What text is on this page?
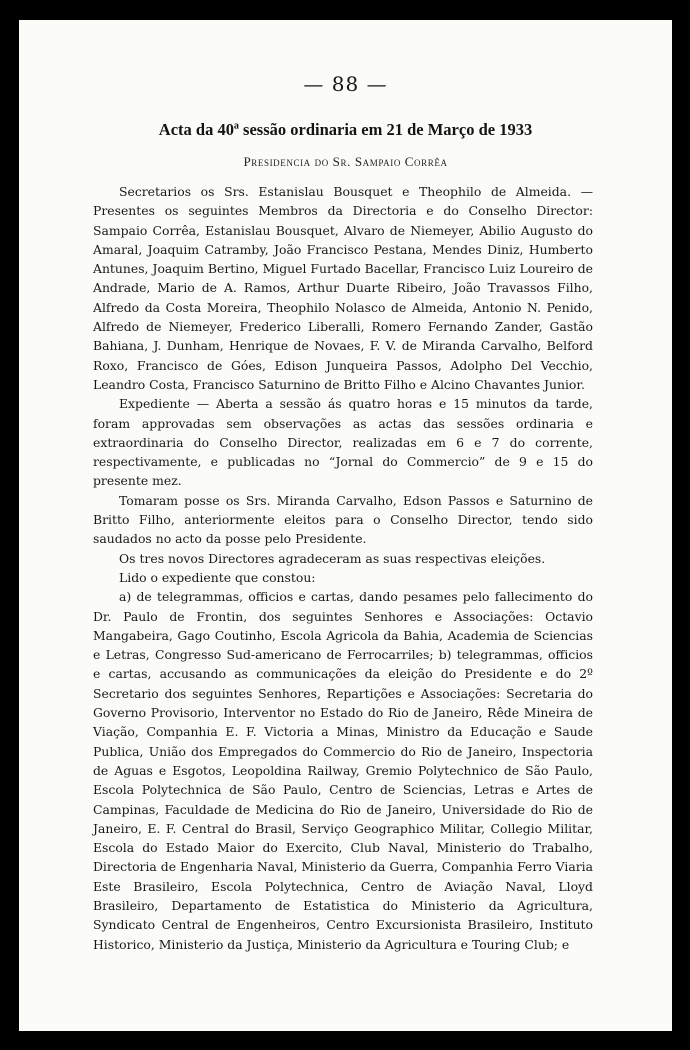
— 88 —
Acta da 40ª sessão ordinaria em 21 de Março de 1933
Presidencia do Sr. Sampaio Corrêa

Secretarios os Srs. Estanislau Bousquet e Theophilo de Almeida. — Presentes os seguintes Membros da Directoria e do Conselho Director: Sampaio Corrêa, Estanislau Bousquet, Alvaro de Niemeyer, Abilio Augusto do Amaral, Joaquim Catramby, João Francisco Pestana, Mendes Diniz, Humberto Antunes, Joaquim Bertino, Miguel Furtado Bacellar, Francisco Luiz Loureiro de Andrade, Mario de A. Ramos, Arthur Duarte Ribeiro, João Travassos Filho, Alfredo da Costa Moreira, Theophilo Nolasco de Almeida, Antonio N. Penido, Alfredo de Niemeyer, Frederico Liberalli, Romero Fernando Zander, Gastão Bahiana, J. Dunham, Henrique de Novaes, F. V. de Miranda Carvalho, Belford Roxo, Francisco de Góes, Edison Junqueira Passos, Adolpho Del Vecchio, Leandro Costa, Francisco Saturnino de Britto Filho e Alcino Chavantes Junior.

Expediente — Aberta a sessão ás quatro horas e 15 minutos da tarde, foram approvadas sem observações as actas das sessões ordinaria e extraordinaria do Conselho Director, realizadas em 6 e 7 do corrente, respectivamente, e publicadas no “Jornal do Commercio” de 9 e 15 do presente mez.

Tomaram posse os Srs. Miranda Carvalho, Edson Passos e Saturnino de Britto Filho, anteriormente eleitos para o Conselho Director, tendo sido saudados no acto da posse pelo Presidente.

Os tres novos Directores agradeceram as suas respectivas eleições.

Lido o expediente que constou:

a) de telegrammas, officios e cartas, dando pesames pelo fallecimento do Dr. Paulo de Frontin, dos seguintes Senhores e Associações: Octavio Mangabeira, Gago Coutinho, Escola Agricola da Bahia, Academia de Sciencias e Letras, Congresso Sud-americano de Ferrocarriles; b) telegrammas, officios e cartas, accusando as communicações da eleição do Presidente e do 2º Secretario dos seguintes Senhores, Repartições e Associações: Secretaria do Governo Provisorio, Interventor no Estado do Rio de Janeiro, Rêde Mineira de Viação, Companhia E. F. Victoria a Minas, Ministro da Educação e Saude Publica, União dos Empregados do Commercio do Rio de Janeiro, Inspectoria de Aguas e Esgotos, Leopoldina Railway, Gremio Polytechnico de São Paulo, Escola Polytechnica de São Paulo, Centro de Sciencias, Letras e Artes de Campinas, Faculdade de Medicina do Rio de Janeiro, Universidade do Rio de Janeiro, E. F. Central do Brasil, Serviço Geographico Militar, Collegio Militar, Escola do Estado Maior do Exercito, Club Naval, Ministerio do Trabalho, Directoria de Engenharia Naval, Ministerio da Guerra, Companhia Ferro Viaria Este Brasileiro, Escola Polytechnica, Centro de Aviação Naval, Lloyd Brasileiro, Departamento de Estatistica do Ministerio da Agricultura, Syndicato Central de Engenheiros, Centro Excursionista Brasileiro, Instituto Historico, Ministerio da Justiça, Ministerio da Agricultura e Touring Club; e
